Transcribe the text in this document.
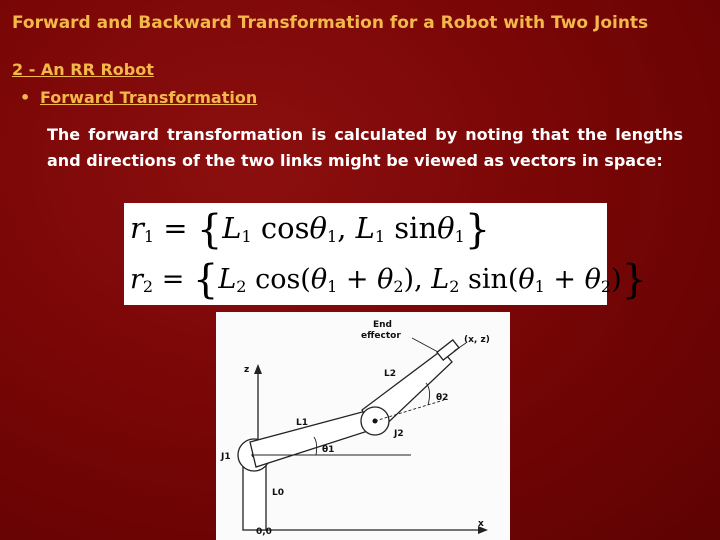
Forward and Backward Transformation for a Robot with Two Joints
2 - An RR Robot
• Forward Transformation

The forward transformation is calculated by noting that the lengths and directions of the two links might be viewed as vectors in space:

$r_1 = \{L_1$ cosθ$_1$, $L_1$ sinθ$_1$}
$r_2 = \{L_2$ $\cos(\theta_1 + \theta_2)$, $L_2$ $\sin(\theta_1 + \theta_2)$}
End
effector	(x, z)
z
x
0,0
L0
L1
L2
J1
J2
θ1
θ2
